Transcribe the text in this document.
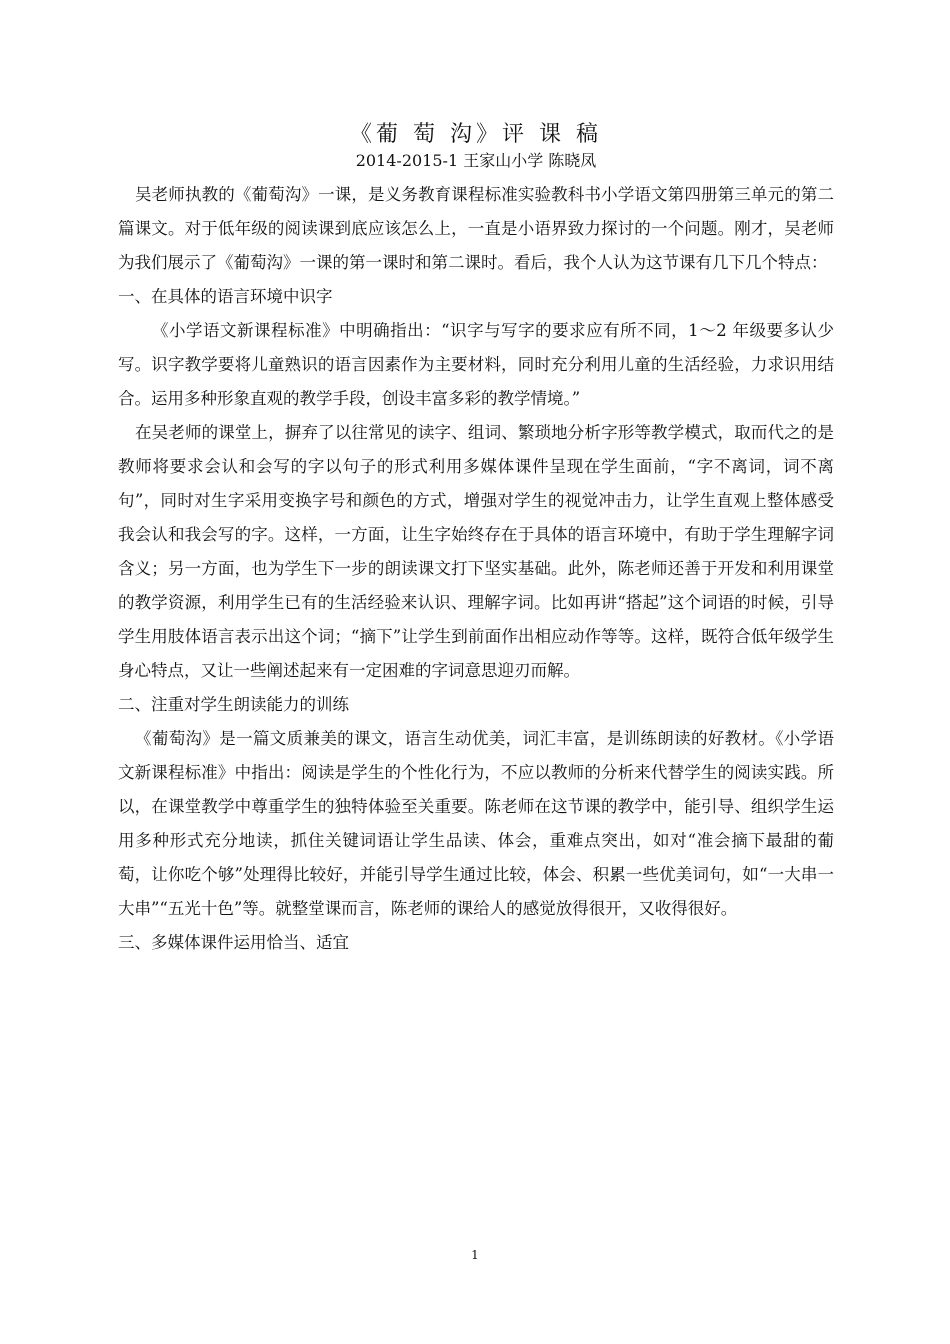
《葡 萄 沟》评 课 稿

2014-2015-1 王家山小学 陈晓凤

吴老师执教的《葡萄沟》一课，是义务教育课程标准实验教科书小学语文第四册第三单元的第二篇课文。对于低年级的阅读课到底应该怎么上，一直是小语界致力探讨的一个问题。刚才，吴老师为我们展示了《葡萄沟》一课的第一课时和第二课时。看后，我个人认为这节课有几下几个特点：

一、在具体的语言环境中识字

《小学语文新课程标准》中明确指出：“识字与写字的要求应有所不同，1～2 年级要多认少写。识字教学要将儿童熟识的语言因素作为主要材料，同时充分利用儿童的生活经验，力求识用结合。运用多种形象直观的教学手段，创设丰富多彩的教学情境。”

在吴老师的课堂上，摒弃了以往常见的读字、组词、繁琐地分析字形等教学模式，取而代之的是教师将要求会认和会写的字以句子的形式利用多媒体课件呈现在学生面前，“字不离词，词不离句”，同时对生字采用变换字号和颜色的方式，增强对学生的视觉冲击力，让学生直观上整体感受我会认和我会写的字。这样，一方面，让生字始终存在于具体的语言环境中，有助于学生理解字词含义；另一方面，也为学生下一步的朗读课文打下坚实基础。此外，陈老师还善于开发和利用课堂的教学资源，利用学生已有的生活经验来认识、理解字词。比如再讲“搭起”这个词语的时候，引导学生用肢体语言表示出这个词；“摘下”让学生到前面作出相应动作等等。这样，既符合低年级学生身心特点，又让一些阐述起来有一定困难的字词意思迎刃而解。

二、注重对学生朗读能力的训练

《葡萄沟》是一篇文质兼美的课文，语言生动优美，词汇丰富，是训练朗读的好教材。《小学语文新课程标准》中指出：阅读是学生的个性化行为，不应以教师的分析来代替学生的阅读实践。所以，在课堂教学中尊重学生的独特体验至关重要。陈老师在这节课的教学中，能引导、组织学生运用多种形式充分地读，抓住关键词语让学生品读、体会，重难点突出，如对“准会摘下最甜的葡萄，让你吃个够”处理得比较好，并能引导学生通过比较，体会、积累一些优美词句，如“一大串一大串”“五光十色”等。就整堂课而言，陈老师的课给人的感觉放得很开，又收得很好。

三、多媒体课件运用恰当、适宜

1
